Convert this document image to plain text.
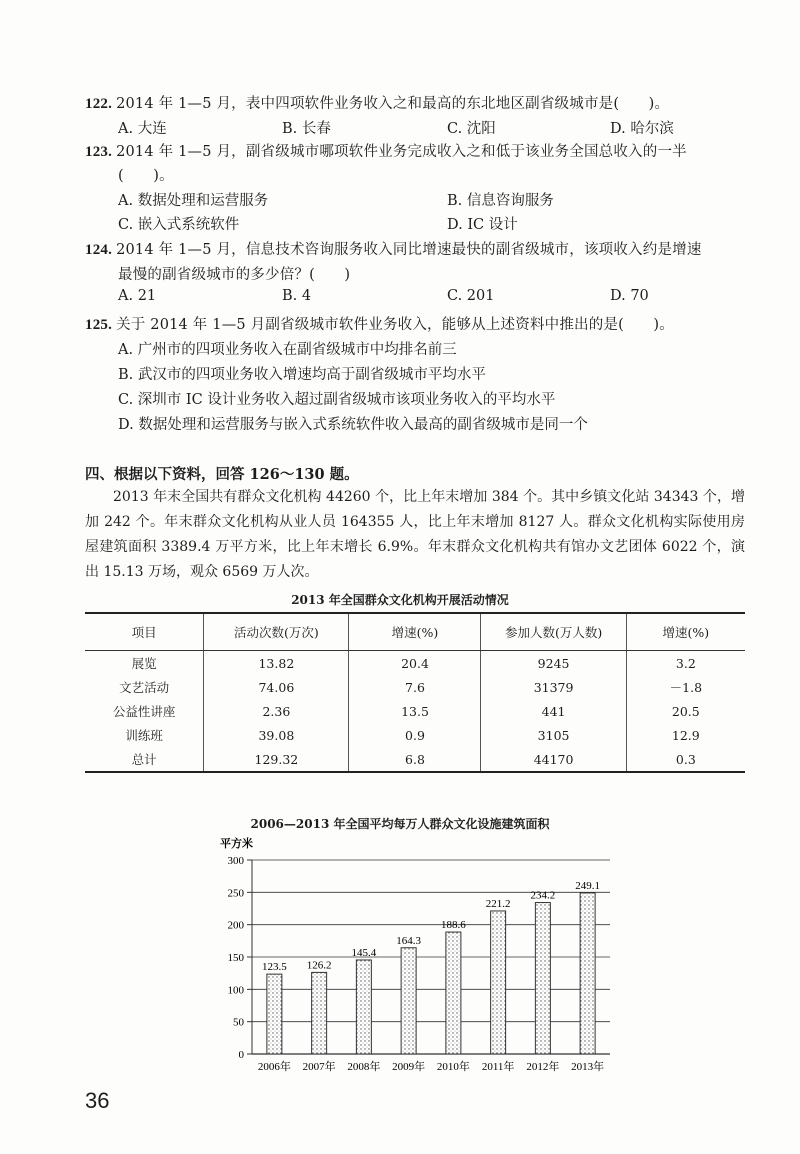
122. 2014 年 1—5 月，表中四项软件业务收入之和最高的东北地区副省级城市是(　　)。
A. 大连	B. 长春	C. 沈阳	D. 哈尔滨
123. 2014 年 1—5 月，副省级城市哪项软件业务完成收入之和低于该业务全国总收入的一半
(　　)。
A. 数据处理和运营服务	B. 信息咨询服务
C. 嵌入式系统软件	D. IC 设计
124. 2014 年 1—5 月，信息技术咨询服务收入同比增速最快的副省级城市，该项收入约是增速
最慢的副省级城市的多少倍？(　　)
A. 21	B. 4	C. 201	D. 70
125. 关于 2014 年 1—5 月副省级城市软件业务收入，能够从上述资料中推出的是(　　)。
A. 广州市的四项业务收入在副省级城市中均排名前三
B. 武汉市的四项业务收入增速均高于副省级城市平均水平
C. 深圳市 IC 设计业务收入超过副省级城市该项业务收入的平均水平
D. 数据处理和运营服务与嵌入式系统软件收入最高的副省级城市是同一个
四、根据以下资料，回答 126～130 题。
2013 年末全国共有群众文化机构 44260 个，比上年末增加 384 个。其中乡镇文化站 34343 个，增加 242 个。年末群众文化机构从业人员 164355 人，比上年末增加 8127 人。群众文化机构实际使用房屋建筑面积 3389.4 万平方米，比上年末增长 6.9%。年末群众文化机构共有馆办文艺团体 6022 个，演出 15.13 万场，观众 6569 万人次。
2013 年全国群众文化机构开展活动情况
项目	活动次数(万次)	增速(%)	参加人数(万人数)	增速(%)
展览	13.82	20.4	9245	3.2
文艺活动	74.06	7.6	31379	－1.8
公益性讲座	2.36	13.5	441	20.5
训练班	39.08	0.9	3105	12.9
总计	129.32	6.8	44170	0.3
2006—2013 年全国平均每万人群众文化设施建筑面积
平方米
0
50
100
150
200
250
300
123.5
2006年
126.2
2007年
145.4
2008年
164.3
2009年
188.6
2010年
221.2
2011年
234.2
2012年
249.1
2013年
36
